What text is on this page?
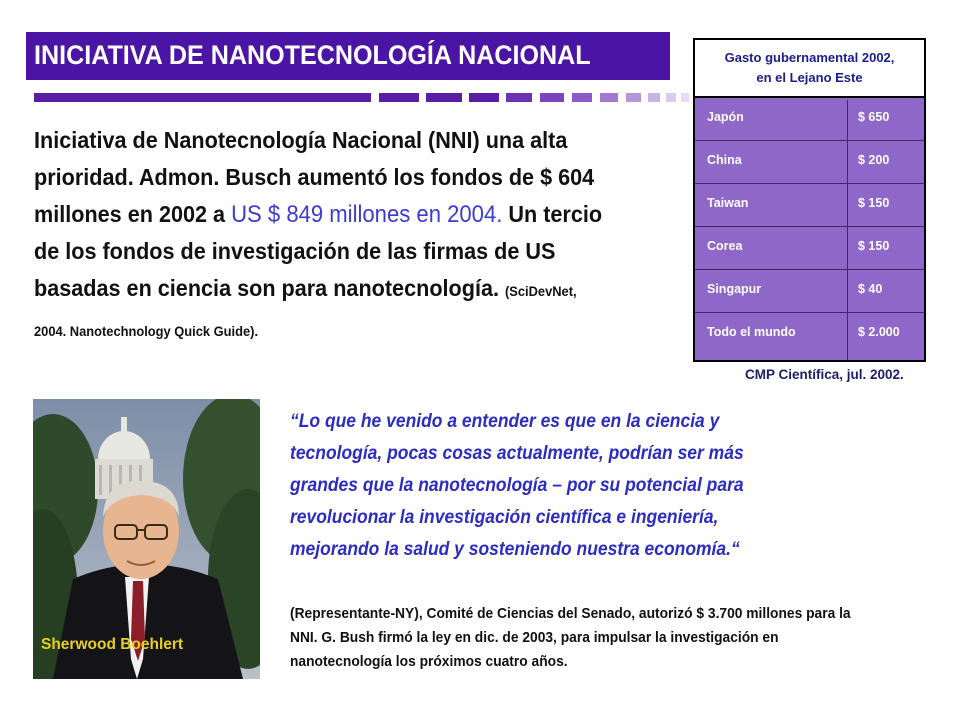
INICIATIVA DE NANOTECNOLOGÍA NACIONAL
Iniciativa de Nanotecnología Nacional (NNI) una alta prioridad. Admon. Busch aumentó los fondos de $ 604 millones en 2002 a US $ 849 millones en 2004. Un tercio de los fondos de investigación de las firmas de US basadas en ciencia son para nanotecnología. (SciDevNet, 2004. Nanotechnology Quick Guide).
Gasto gubernamental 2002,
en el Lejano Este
Japón	$ 650
China	$ 200
Taiwan	$ 150
Corea	$ 150
Singapur	$ 40
Todo el mundo	$ 2.000
CMP Científica, jul. 2002.
Sherwood Boehlert
“Lo que he venido a entender es que en la ciencia y tecnología, pocas cosas actualmente, podrían ser más grandes que la nanotecnología – por su potencial para revolucionar la investigación científica e ingeniería, mejorando la salud y sosteniendo nuestra economía.“
(Representante-NY), Comité de Ciencias del Senado, autorizó $ 3.700 millones para la NNI. G. Bush firmó la ley en dic. de 2003, para impulsar la investigación en nanotecnología los próximos cuatro años.
